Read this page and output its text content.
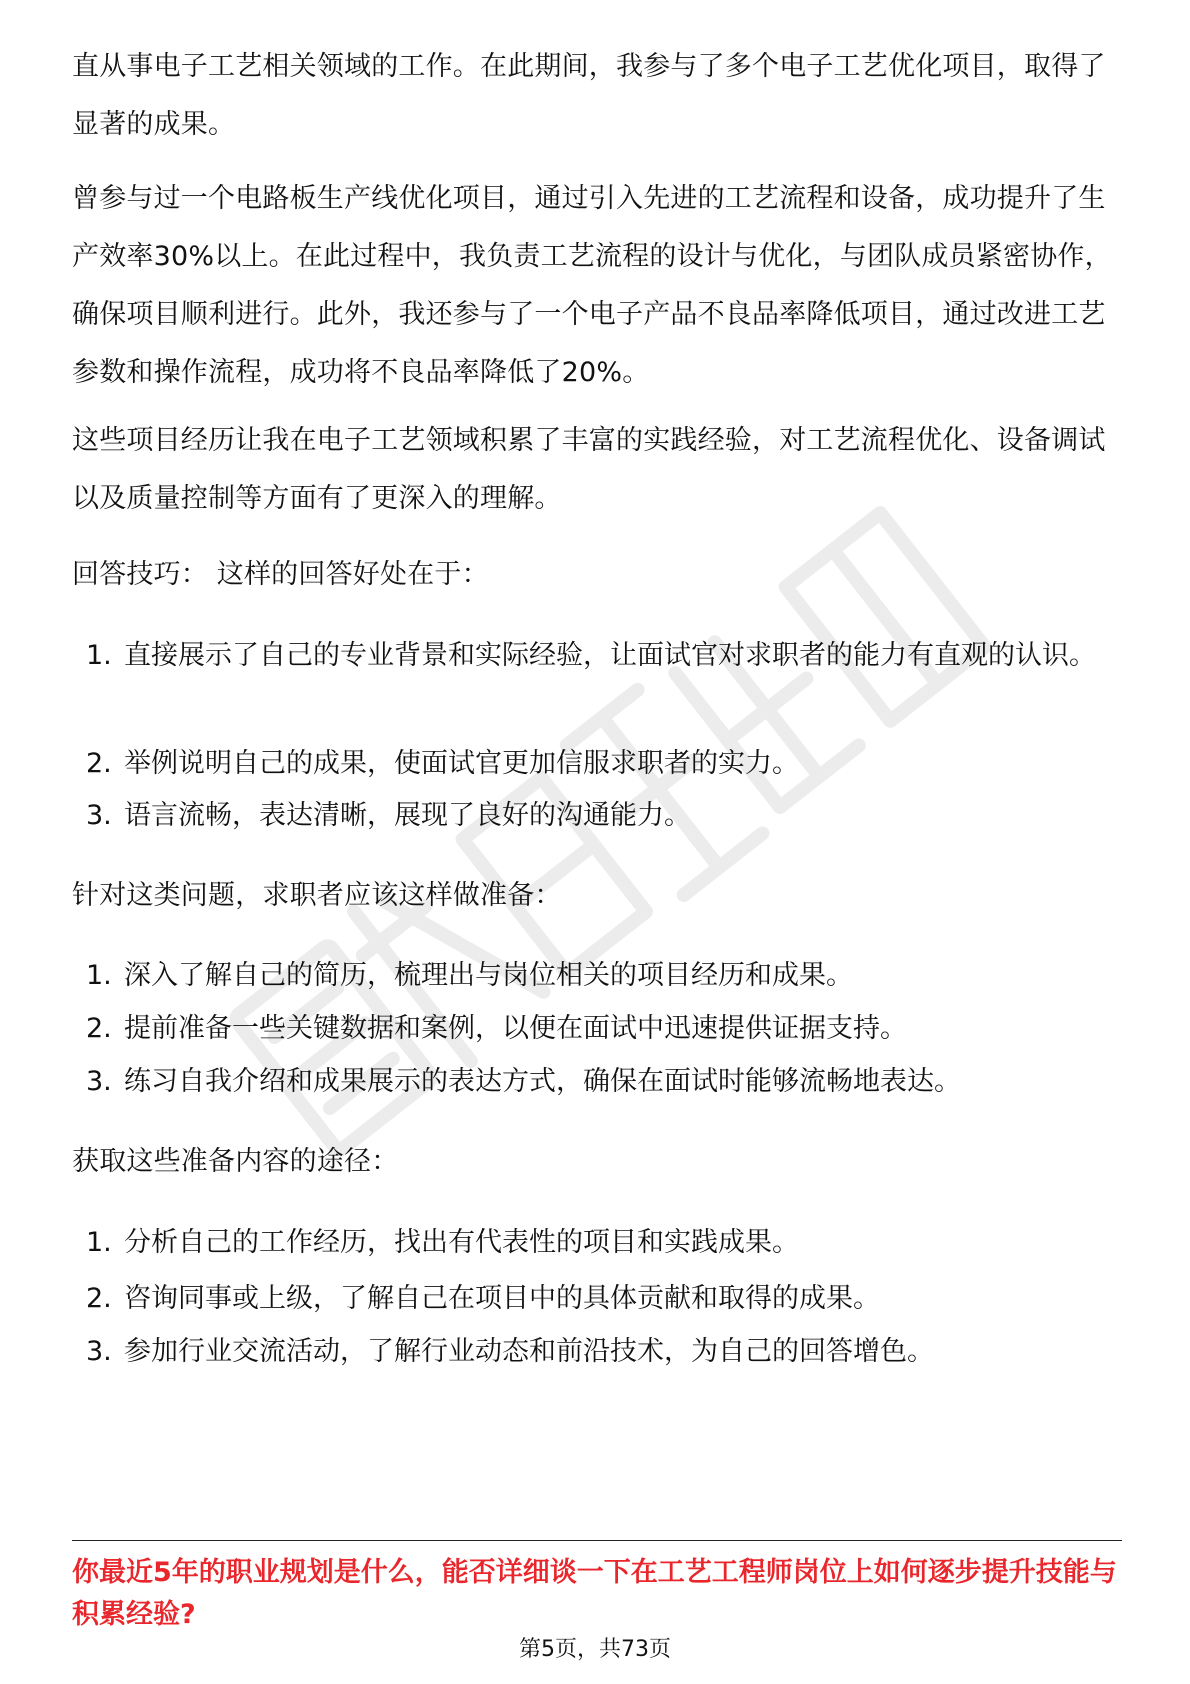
直从事电子工艺相关领域的工作。在此期间，我参与了多个电子工艺优化项目，取得了显著的成果。

曾参与过一个电路板生产线优化项目，通过引入先进的工艺流程和设备，成功提升了生产效率30%以上。在此过程中，我负责工艺流程的设计与优化，与团队成员紧密协作，确保项目顺利进行。此外，我还参与了一个电子产品不良品率降低项目，通过改进工艺参数和操作流程，成功将不良品率降低了20%。

这些项目经历让我在电子工艺领域积累了丰富的实践经验，对工艺流程优化、设备调试以及质量控制等方面有了更深入的理解。

回答技巧： 这样的回答好处在于：

1. 直接展示了自己的专业背景和实际经验，让面试官对求职者的能力有直观的认识。
2. 举例说明自己的成果，使面试官更加信服求职者的实力。
3. 语言流畅，表达清晰，展现了良好的沟通能力。

针对这类问题，求职者应该这样做准备：

1. 深入了解自己的简历，梳理出与岗位相关的项目经历和成果。
2. 提前准备一些关键数据和案例，以便在面试中迅速提供证据支持。
3. 练习自我介绍和成果展示的表达方式，确保在面试时能够流畅地表达。

获取这些准备内容的途径：

1. 分析自己的工作经历，找出有代表性的项目和实践成果。
2. 咨询同事或上级，了解自己在项目中的具体贡献和取得的成果。
3. 参加行业交流活动，了解行业动态和前沿技术，为自己的回答增色。
你最近5年的职业规划是什么，能否详细谈一下在工艺工程师岗位上如何逐步提升技能与积累经验?
第5页，共73页
